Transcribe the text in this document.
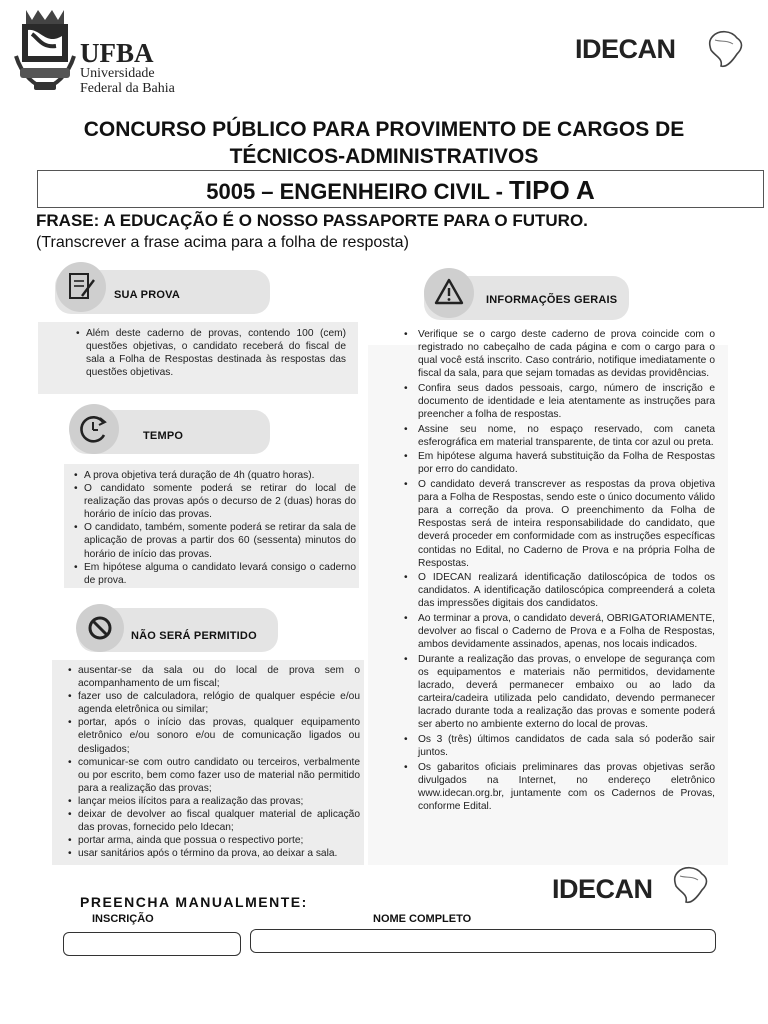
UFBA
Universidade
Federal da Bahia
IDECAN
CONCURSO PÚBLICO PARA PROVIMENTO DE CARGOS DE
TÉCNICOS-ADMINISTRATIVOS
5005 – ENGENHEIRO CIVIL - TIPO A
FRASE: A EDUCAÇÃO É O NOSSO PASSAPORTE PARA O FUTURO.
(Transcrever a frase acima para a folha de resposta)
SUA PROVA
• Além deste caderno de provas, contendo 100 (cem) questões objetivas, o candidato receberá do fiscal de sala a Folha de Respostas destinada às respostas das questões objetivas.
TEMPO
• A prova objetiva terá duração de 4h (quatro horas).
• O candidato somente poderá se retirar do local de realização das provas após o decurso de 2 (duas) horas do horário de início das provas.
• O candidato, também, somente poderá se retirar da sala de aplicação de provas a partir dos 60 (sessenta) minutos do horário de início das provas.
• Em hipótese alguma o candidato levará consigo o caderno de prova.
NÃO SERÁ PERMITIDO
• ausentar-se da sala ou do local de prova sem o acompanhamento de um fiscal;
• fazer uso de calculadora, relógio de qualquer espécie e/ou agenda eletrônica ou similar;
• portar, após o início das provas, qualquer equipamento eletrônico e/ou sonoro e/ou de comunicação ligados ou desligados;
• comunicar-se com outro candidato ou terceiros, verbalmente ou por escrito, bem como fazer uso de material não permitido para a realização das provas;
• lançar meios ilícitos para a realização das provas;
• deixar de devolver ao fiscal qualquer material de aplicação das provas, fornecido pelo Idecan;
• portar arma, ainda que possua o respectivo porte;
• usar sanitários após o término da prova, ao deixar a sala.
INFORMAÇÕES GERAIS
• Verifique se o cargo deste caderno de prova coincide com o registrado no cabeçalho de cada página e com o cargo para o qual você está inscrito. Caso contrário, notifique imediatamente o fiscal da sala, para que sejam tomadas as devidas providências.
• Confira seus dados pessoais, cargo, número de inscrição e documento de identidade e leia atentamente as instruções para preencher a folha de respostas.
• Assine seu nome, no espaço reservado, com caneta esferográfica em material transparente, de tinta cor azul ou preta.
• Em hipótese alguma haverá substituição da Folha de Respostas por erro do candidato.
• O candidato deverá transcrever as respostas da prova objetiva para a Folha de Respostas, sendo este o único documento válido para a correção da prova. O preenchimento da Folha de Respostas será de inteira responsabilidade do candidato, que deverá proceder em conformidade com as instruções específicas contidas no Edital, no Caderno de Prova e na própria Folha de Respostas.
• O IDECAN realizará identificação datiloscópica de todos os candidatos. A identificação datiloscópica compreenderá a coleta das impressões digitais dos candidatos.
• Ao terminar a prova, o candidato deverá, OBRIGATORIAMENTE, devolver ao fiscal o Caderno de Prova e a Folha de Respostas, ambos devidamente assinados, apenas, nos locais indicados.
• Durante a realização das provas, o envelope de segurança com os equipamentos e materiais não permitidos, devidamente lacrado, deverá permanecer embaixo ou ao lado da carteira/cadeira utilizada pelo candidato, devendo permanecer lacrado durante toda a realização das provas e somente poderá ser aberto no ambiente externo do local de provas.
• Os 3 (três) últimos candidatos de cada sala só poderão sair juntos.
• Os gabaritos oficiais preliminares das provas objetivas serão divulgados na Internet, no endereço eletrônico www.idecan.org.br, juntamente com os Cadernos de Provas, conforme Edital.
PREENCHA MANUALMENTE:
INSCRIÇÃO	NOME COMPLETO
IDECAN
